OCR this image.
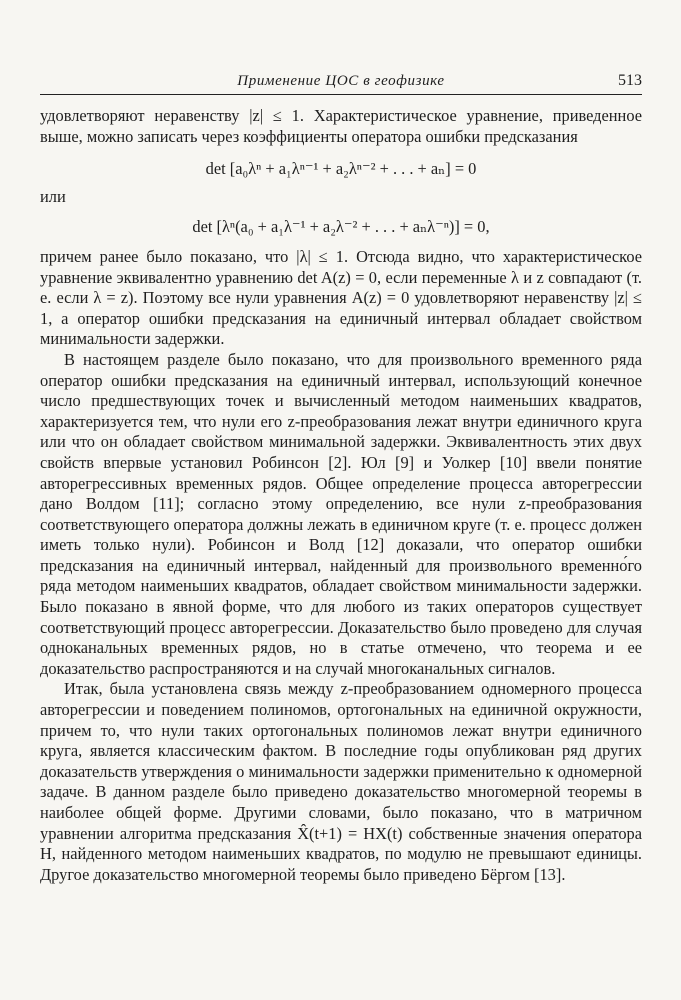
Применение ЦОС в геофизике	513

удовлетворяют неравенству |z| ≤ 1. Характеристическое уравнение, приведенное выше, можно записать через коэффициенты оператора ошибки предсказания

det [a₀λⁿ + a₁λⁿ⁻¹ + a₂λⁿ⁻² + . . . + aₙ] = 0

или

det [λⁿ(a₀ + a₁λ⁻¹ + a₂λ⁻² + . . . + aₙλ⁻ⁿ)] = 0,

причем ранее было показано, что |λ| ≤ 1. Отсюда видно, что характеристическое уравнение эквивалентно уравнению det A(z) = 0, если переменные λ и z совпадают (т. е. если λ = z). Поэтому все нули уравнения A(z) = 0 удовлетворяют неравенству |z| ≤ 1, а оператор ошибки предсказания на единичный интервал обладает свойством минимальности задержки.

В настоящем разделе было показано, что для произвольного временного ряда оператор ошибки предсказания на единичный интервал, использующий конечное число предшествующих точек и вычисленный методом наименьших квадратов, характеризуется тем, что нули его z-преобразования лежат внутри единичного круга или что он обладает свойством минимальной задержки. Эквивалентность этих двух свойств впервые установил Робинсон [2]. Юл [9] и Уолкер [10] ввели понятие авторегрессивных временных рядов. Общее определение процесса авторегрессии дано Волдом [11]; согласно этому определению, все нули z-преобразования соответствующего оператора должны лежать в единичном круге (т. е. процесс должен иметь только нули). Робинсон и Волд [12] доказали, что оператор ошибки предсказания на единичный интервал, найденный для произвольного временно́го ряда методом наименьших квадратов, обладает свойством минимальности задержки. Было показано в явной форме, что для любого из таких операторов существует соответствующий процесс авторегрессии. Доказательство было проведено для случая одноканальных временных рядов, но в статье отмечено, что теорема и ее доказательство распространяются и на случай многоканальных сигналов.

Итак, была установлена связь между z-преобразованием одномерного процесса авторегрессии и поведением полиномов, ортогональных на единичной окружности, причем то, что нули таких ортогональных полиномов лежат внутри единичного круга, является классическим фактом. В последние годы опубликован ряд других доказательств утверждения о минимальности задержки применительно к одномерной задаче. В данном разделе было приведено доказательство многомерной теоремы в наиболее общей форме. Другими словами, было показано, что в матричном уравнении алгоритма предсказания X̂(t+1) = HX(t) собственные значения оператора H, найденного методом наименьших квадратов, по модулю не превышают единицы. Другое доказательство многомерной теоремы было приведено Бёргом [13].
